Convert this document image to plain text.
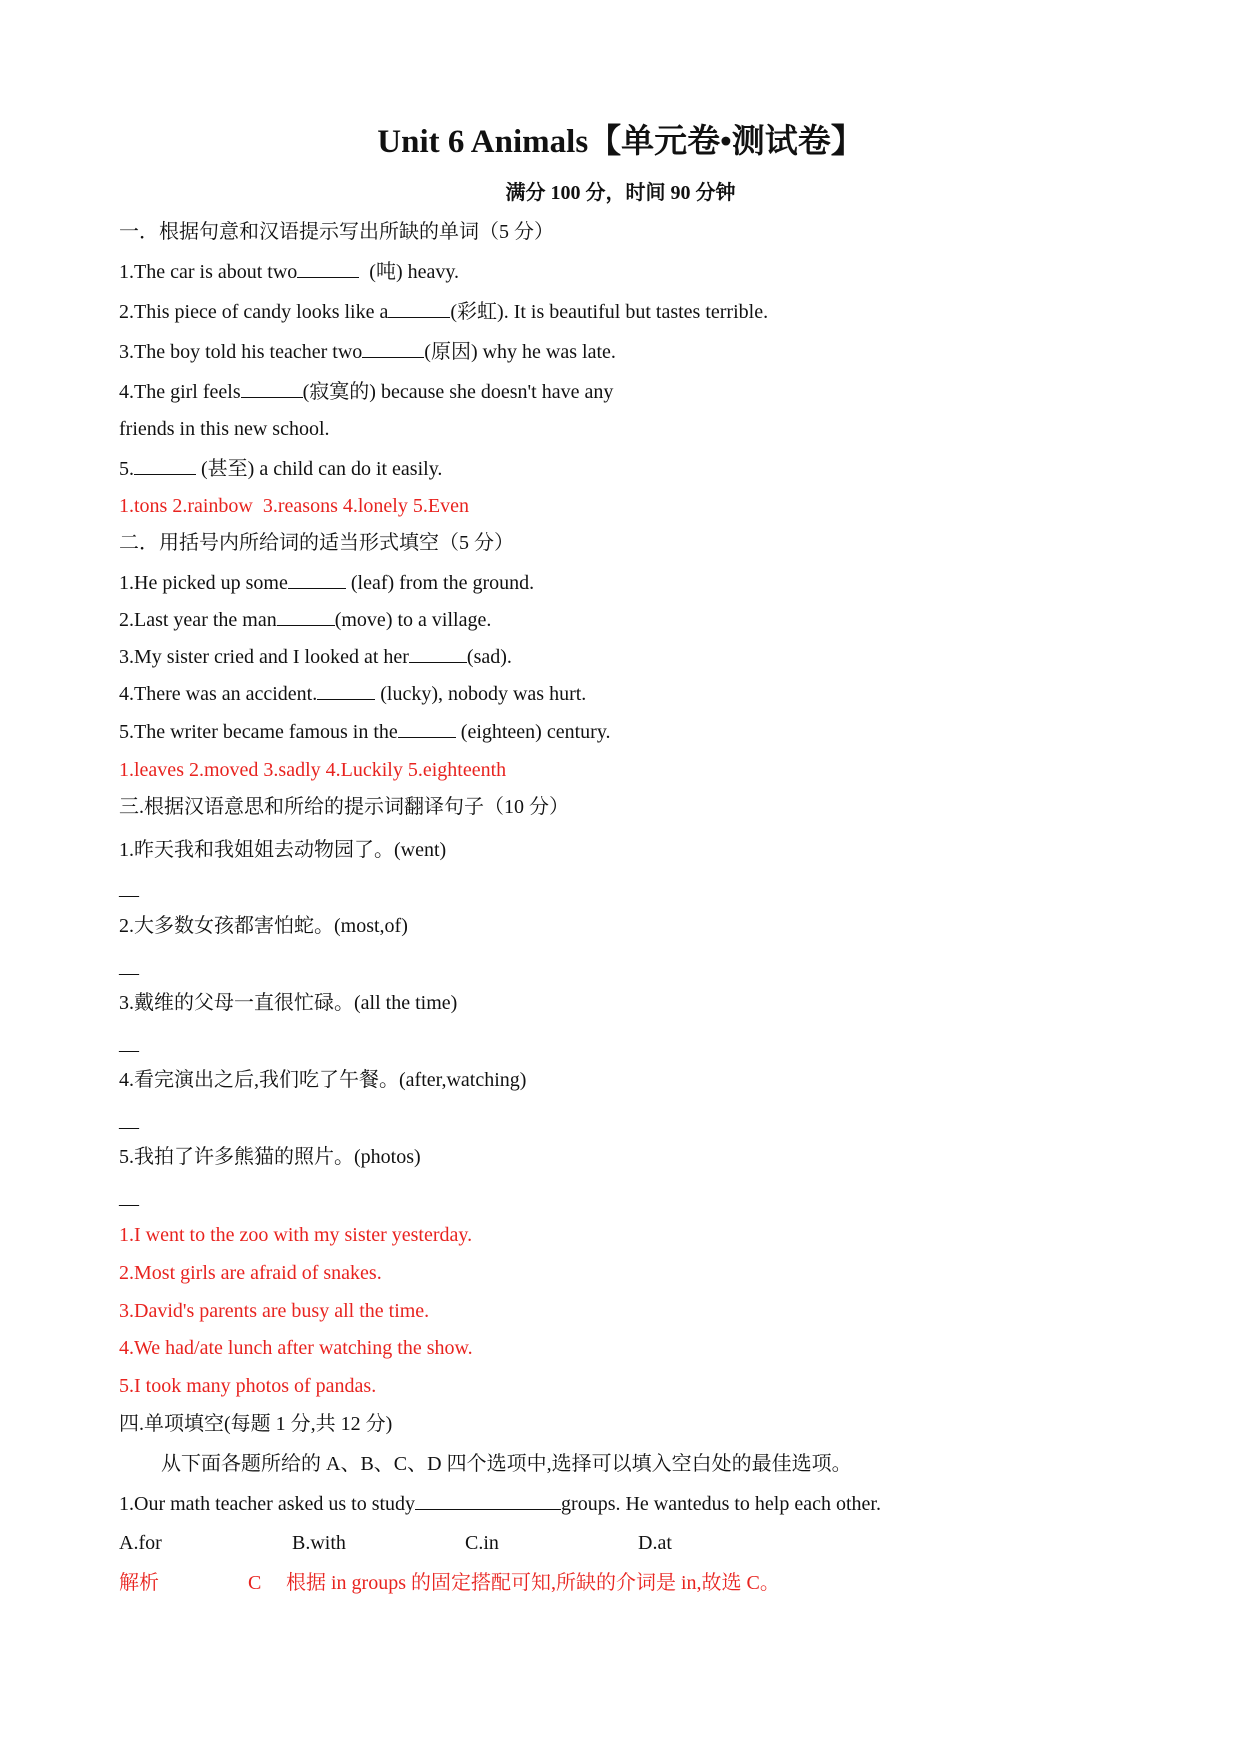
Unit 6 Animals【单元卷•测试卷】
满分 100 分，时间 90 分钟
一．根据句意和汉语提示写出所缺的单词（5 分）
1.The car is about two	(吨) heavy.
2.This piece of candy looks like a	(彩虹). It is beautiful but tastes terrible.
3.The boy told his teacher two	(原因) why he was late.
4.The girl feels	(寂寞的) because she doesn't have any
friends in this new school.
5.	(甚至) a child can do it easily.
1.tons 2.rainbow  3.reasons 4.lonely 5.Even
二．用括号内所给词的适当形式填空（5 分）
1.He picked up some	(leaf) from the ground.
2.Last year the man	(move) to a village.
3.My sister cried and I looked at her	(sad).
4.There was an accident.	(lucky), nobody was hurt.
5.The writer became famous in the	(eighteen) century.
1.leaves 2.moved 3.sadly 4.Luckily 5.eighteenth
三.根据汉语意思和所给的提示词翻译句子（10 分）
1.昨天我和我姐姐去动物园了。(went)
—
2.大多数女孩都害怕蛇。(most,of)
—
3.戴维的父母一直很忙碌。(all the time)
—
4.看完演出之后,我们吃了午餐。(after,watching)
—
5.我拍了许多熊猫的照片。(photos)
—
1.I went to the zoo with my sister yesterday.
2.Most girls are afraid of snakes.
3.David's parents are busy all the time.
4.We had/ate lunch after watching the show.
5.I took many photos of pandas.
四.单项填空(每题 1 分,共 12 分)
从下面各题所给的 A、B、C、D 四个选项中,选择可以填入空白处的最佳选项。
1.Our math teacher asked us to study	groups. He wantedus to help each other.
A.for	B.with	C.in	D.at
解析	C 根据 in groups 的固定搭配可知,所缺的介词是 in,故选 C。
